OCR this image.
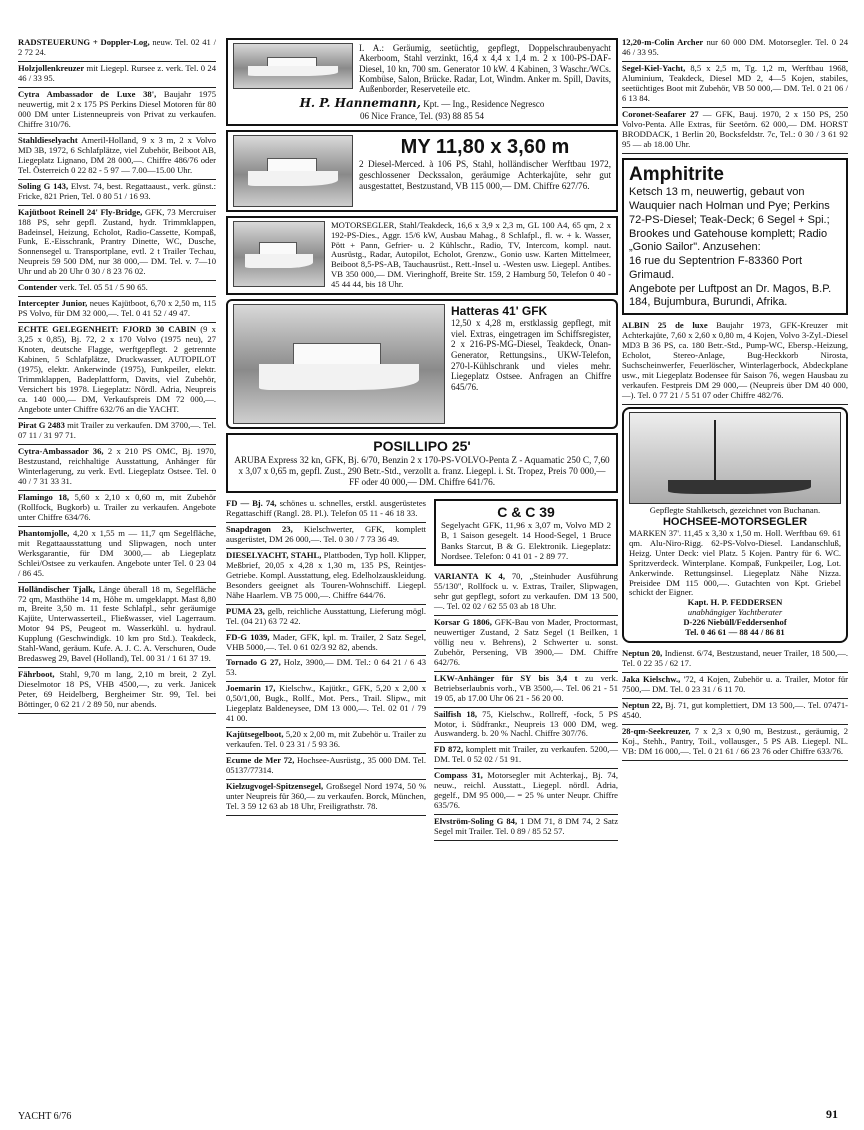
RADSTEUERUNG + Doppler-Log, neuw. Tel. 02 41 / 2 72 24.
Holzjollenkreuzer mit Liegepl. Rursee z. verk. Tel. 0 24 46 / 33 95.
Cytra Ambassador de Luxe 38', Baujahr 1975 neuwertig, mit 2 x 175 PS Perkins Diesel Motoren für 80 000 DM unter Listenneupreis von Privat zu verkaufen. Chiffre 310/76.
Stahldieselyacht Ameril-Holland, 9 x 3 m, 2 x Volvo MD 3B, 1972, 6 Schlafplätze, viel Zubehör, Beiboot AB, Liegeplatz Lignano, DM 28 000,—. Chiffre 486/76 oder Tel. Österreich 0 22 82 - 5 97 — 7.00—15.00 Uhr.
Soling G 143, Elvst. 74, best. Regattaaust., verk. günst.: Fricke, 821 Prien, Tel. 0 80 51 / 16 93.
Kajütboot Reinell 24' Fly-Bridge, GFK, 73 Mercruiser 188 PS, sehr gepfl. Zustand, hydr. Trimmklappen, Badeinsel, Heizung, Echolot, Radio-Cassette, Kompaß, Funk, E.-Eisschrank, Prantry Dinette, WC, Dusche, Sonnensegel u. Transportplane, evtl. 2 t Trailer Techau, Neupreis 59 500 DM, nur 38 000,— DM. Tel. v. 7—10 Uhr und ab 20 Uhr 0 30 / 8 23 76 02.
Contender verk. Tel. 05 51 / 5 90 65.
Intercepter Junior, neues Kajütboot, 6,70 x 2,50 m, 115 PS Volvo, für DM 32 000,—. Tel. 0 41 52 / 49 47.
ECHTE GELEGENHEIT: FJORD 30 CABIN (9 x 3,25 x 0,85), Bj. 72, 2 x 170 Volvo (1975 neu), 27 Knoten, deutsche Flagge, werftgepflegt. 2 getrennte Kabinen, 5 Schlafplätze, Druckwasser, AUTOPILOT (1975), elektr. Ankerwinde (1975), Funkpeiler, elektr. Trimmklappen, Badeplattform, Davits, viel Zubehör, Versichert bis 1978. Liegeplatz: Nördl. Adria, Neupreis ca. 140 000,— DM, Verkaufspreis DM 72 000,—. Angebote unter Chiffre 632/76 an die YACHT.
Pirat G 2483 mit Trailer zu verkaufen. DM 3700,—. Tel. 07 11 / 31 97 71.
Cytra-Ambassador 36, 2 x 210 PS OMC, Bj. 1970, Bestzustand, reichhaltige Ausstattung, Anhänger für Winterlagerung, zu verk. Evtl. Liegeplatz Ostsee. Tel. 0 40 / 7 31 33 31.
Flamingo 18, 5,60 x 2,10 x 0,60 m, mit Zubehör (Rollfock, Bugkorb) u. Trailer zu verkaufen. Angebote unter Chiffre 634/76.
Phantomjolle, 4,20 x 1,55 m — 11,7 qm Segelfläche, mit Regattaausstattung und Slipwagen, noch unter Werksgarantie, für DM 3000,— ab Liegeplatz Schlei/Ostsee zu verkaufen. Angebote unter Tel. 0 23 04 / 86 45.
Holländischer Tjalk, Länge überall 18 m, Segelfläche 72 qm, Masthöhe 14 m, Höhe m. umgeklappt. Mast 8,80 m, Breite 3,50 m. 11 feste Schlafpl., sehr geräumige Kajüte, Unterwasserteil., Fließwasser, viel Lagerraum. Motor 94 PS, Peugeot m. Wasserkühl. u. hydraul. Kupplung (Geschwindigk. 10 km pro Std.). Teakdeck, Stahl-Wand, geräum. Kufe. A. J. C. A. Verschuren, Oude Bredasweg 29, Bavel (Holland), Tel. 00 31 / 1 61 37 19.
Fährboot, Stahl, 9,70 m lang, 2,10 m breit, 2 Zyl. Dieselmotor 18 PS, VHB 4500,—, zu verk. Janicek Peter, 69 Heidelberg, Bergheimer Str. 99, Tel. bei Böttinger, 0 62 21 / 2 89 50, nur abends.
I. A.: Geräumig, seetüchtig, gepflegt, Doppelschraubenyacht Akerboom, Stahl verzinkt, 16,4 x 4,4 x 1,4 m. 2 x 100-PS-DAF-Diesel, 10 kn, 700 sm. Generator 10 kW. 4 Kabinen, 3 Waschr./WCs. Kombüse, Salon, Brücke. Radar, Lot, Windm. Anker m. Spill, Davits, Außenborder, Reserveteile etc.
H. P. Hannemann, Kpt. — Ing., Residence Negresco
06 Nice France, Tel. (93) 88 85 54
MY 11,80 x 3,60 m
2 Diesel-Merced. à 106 PS, Stahl, holländischer Werftbau 1972, geschlossener Deckssalon, geräumige Achterkajüte, sehr gut ausgestattet, Bestzustand, VB 115 000,— DM. Chiffre 627/76.
MOTORSEGLER, Stahl/Teakdeck, 16,6 x 3,9 x 2,3 m, GL 100 A4, 65 qm, 2 x 192-PS-Dies., Aggr. 15/6 kW, Ausbau Mahag., 8 Schlafpl., fl. w. + k. Wasser, Pött + Pann, Gefrier- u. 2 Kühlschr., Radio, TV, Intercom, kompl. naut. Ausrüstg., Radar, Autopilot, Echolot, Grenzw., Gonio usw. Karten Mittelmeer, Beiboot 8,5-PS-AB, Tauchausrüst., Rett.-Insel u. -Westen usw. Liegepl. Antibes. VB 350 000,— DM. Vieringhoff, Breite Str. 159, 2 Hamburg 50, Telefon 0 40 - 45 44 44, bis 18 Uhr.
Hatteras 41' GFK
12,50 x 4,28 m, erstklassig gepflegt, mit viel. Extras, eingetragen im Schiffsregister, 2 x 216-PS-MG-Diesel, Teakdeck, Onan-Generator, Rettungsins., UKW-Telefon, 270-l-Kühlschrank und vieles mehr. Liegeplatz Ostsee. Anfragen an Chiffre 645/76.
POSILLIPO 25'
ARUBA Express 32 kn, GFK, Bj. 6/70, Benzin 2 x 170-PS-VOLVO-Penta Z - Aquamatic 250 C, 7,60 x 3,07 x 0,65 m, gepfl. Zust., 290 Betr.-Std., verzollt a. franz. Liegepl. i. St. Tropez, Preis 70 000,— FF oder 40 000,— DM. Chiffre 641/76.
FD — Bj. 74, schönes u. schnelles, erstkl. ausgerüstetes Regattaschiff (Rangl. 28. Pl.). Telefon 05 11 - 46 18 33.
Snapdragon 23, Kielschwerter, GFK, komplett ausgerüstet, DM 26 000,—. Tel. 0 30 / 7 73 36 49.
DIESELYACHT, STAHL, Plattboden, Typ holl. Klipper, Meßbrief, 20,05 x 4,28 x 1,30 m, 135 PS, Reintjes-Getriebe. Kompl. Ausstattung, eleg. Edelholzauskleidung. Besonders geeignet als Touren-Wohnschiff. Liegepl. Nähe Haarlem. VB 75 000,—. Chiffre 644/76.
PUMA 23, gelb, reichliche Ausstattung, Lieferung mögl. Tel. (04 21) 63 72 42.
FD-G 1039, Mader, GFK, kpl. m. Trailer, 2 Satz Segel, VHB 5000,—. Tel. 0 61 02/3 92 82, abends.
Tornado G 27, Holz, 3900,— DM. Tel.: 0 64 21 / 6 43 53.
Joemarin 17, Kielschw., Kajütkr., GFK, 5,20 x 2,00 x 0,50/1,00, Bugk., Rollf., Mot. Pers., Trail. Slipw., mit Liegeplatz Baldeneysee, DM 13 000,—. Tel. 02 01 / 79 41 00.
Kajütsegelboot, 5,20 x 2,00 m, mit Zubehör u. Trailer zu verkaufen. Tel. 0 23 31 / 5 93 36.
Ecume de Mer 72, Hochsee-Ausrüstg., 35 000 DM. Tel. 05137/77314.
Kielzugvogel-Spitzensegel, Großsegel Nord 1974, 50 % unter Neupreis für 360,— zu verkaufen. Borck, München, Tel. 3 59 12 63 ab 18 Uhr, Freiligrathstr. 78.
C & C 39
Segelyacht GFK, 11,96 x 3,07 m, Volvo MD 2 B, 1 Saison gesegelt. 14 Hood-Segel, 1 Bruce Banks Starcut, B & G. Elektronik. Liegeplatz: Nordsee. Telefon: 0 41 01 - 2 89 77.
VARIANTA K 4, 70, „Steinhuder Ausführung 55/130", Rollfock u. v. Extras, Trailer, Slipwagen, sehr gut gepflegt, sofort zu verkaufen. DM 13 500,—. Tel. 02 02 / 62 55 03 ab 18 Uhr.
Korsar G 1806, GFK-Bau von Mader, Proctormast, neuwertiger Zustand, 2 Satz Segel (1 Beilken, 1 völlig neu v. Behrens), 2 Schwerter u. sonst. Zubehör, Persening, VB 3900,— DM. Chiffre 642/76.
LKW-Anhänger für SY bis 3,4 t zu verk. Betriebserlaubnis vorh., VB 3500,—. Tel. 06 21 - 51 19 05, ab 17.00 Uhr 06 21 - 56 20 00.
Sailfish 18, 75, Kielschw., Rollreff, -fock, 5 PS Motor, i. Südfrankr., Neupreis 13 000 DM, weg. Auswanderg. b. 20 % Nachl. Chiffre 307/76.
FD 872, komplett mit Trailer, zu verkaufen. 5200,— DM. Tel. 0 52 02 / 51 91.
Compass 31, Motorsegler mit Achterkaj., Bj. 74, neuw., reichl. Ausstatt., Liegepl. nördl. Adria, gegelf., DM 95 000,— = 25 % unter Neupr. Chiffre 635/76.
Elvström-Soling G 84, 1 DM 71, 8 DM 74, 2 Satz Segel mit Trailer. Tel. 0 89 / 85 52 57.
12,20-m-Colin Archer nur 60 000 DM. Motorsegler. Tel. 0 24 46 / 33 95.
Segel-Kiel-Yacht, 8,5 x 2,5 m, Tg. 1,2 m, Werftbau 1968, Aluminium, Teakdeck, Diesel MD 2, 4—5 Kojen, stabiles, seetüchtiges Boot mit Zubehör, VB 50 000,— DM. Tel. 0 21 06 / 6 13 84.
Coronet-Seafarer 27 — GFK, Bauj. 1970, 2 x 150 PS, 250 Volvo-Penta. Alle Extras, für Seetörn. 62 000,— DM. HORST BRODDACK, 1 Berlin 20, Bocksfeldstr. 7c, Tel.: 0 30 / 3 61 92 95 — ab 18.00 Uhr.
Amphitrite
Ketsch 13 m, neuwertig, gebaut von Wauquier nach Holman und Pye; Perkins 72-PS-Diesel; Teak-Deck; 6 Segel + Spi.; Brookes und Gatehouse komplett; Radio „Gonio Sailor". Anzusehen:
16 rue du Septentrion F-83360 Port Grimaud.
Angebote per Luftpost an Dr. Magos, B.P. 184, Bujumbura, Burundi, Afrika.
ALBIN 25 de luxe Baujahr 1973, GFK-Kreuzer mit Achterkajüte, 7,60 x 2,60 x 0,80 m, 4 Kojen, Volvo 3-Zyl.-Diesel MD3 B 36 PS, ca. 180 Betr.-Std., Pump-WC, Ebersp.-Heizung, Echolot, Stereo-Anlage, Bug-Heckkorb Nirosta, Suchscheinwerfer, Feuerlöscher, Winterlagerbock, Abdeckplane usw., mit Liegeplatz Bodensee für Saison 76, wegen Hausbau zu verkaufen. Festpreis DM 29 000,— (Neupreis über DM 40 000,—). Tel. 0 77 21 / 5 51 07 oder Chiffre 482/76.
Gepflegte Stahlketsch, gezeichnet von Buchanan.
HOCHSEE-MOTORSEGLER
MARKEN 37'. 11,45 x 3,30 x 1,50 m. Holl. Werftbau 69. 61 qm. Alu-Niro-Rigg. 62-PS-Volvo-Diesel. Landanschluß, Heizg. Unter Deck: viel Platz. 5 Kojen. Pantry für 6. WC. Spritzverdeck. Winterplane. Kompaß, Funkpeiler, Log, Lot. Ankerwinde. Rettungsinsel. Liegeplatz Nähe Nizza. Preisidee DM 115 000,—. Gutachten von Kpt. Griebel schickt der Eigner.
Kapt. H. P. FEDDERSEN
unabhängiger Yachtberater
D-226 Niebüll/Feddersenhof
Tel. 0 46 61 — 88 44 / 86 81
Neptun 20, Indienst. 6/74, Bestzustand, neuer Trailer, 18 500,—. Tel. 0 22 35 / 62 17.
Jaka Kielschw., '72, 4 Kojen, Zubehör u. a. Trailer, Motor für 7500,— DM. Tel. 0 23 31 / 6 11 70.
Neptun 22, Bj. 71, gut komplettiert, DM 13 500,—. Tel. 07471-4540.
28-qm-Seekreuzer, 7 x 2,3 x 0,90 m, Bestzust., geräumig, 2 Koj., Stehh., Pantry, Toil., vollausger., 5 PS AB. Liegepl. NL. VB: DM 16 000,—. Tel. 0 21 61 / 66 23 76 oder Chiffre 633/76.
YACHT 6/76	91
